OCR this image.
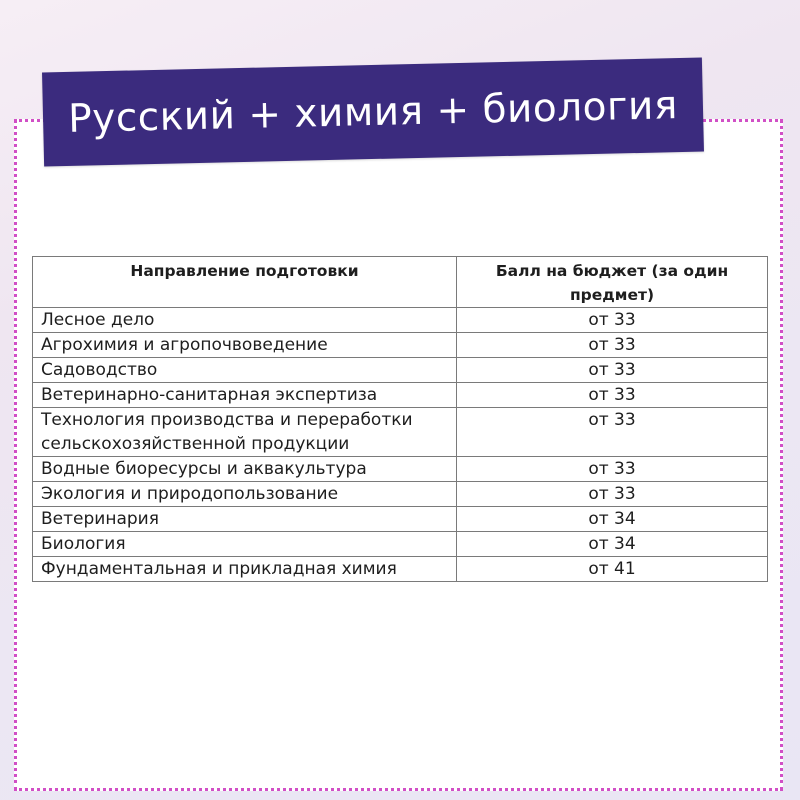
Русский + химия + биология
Направление подготовки	Балл на бюджет (за один предмет)
Лесное дело	от 33
Агрохимия и агропочвоведение	от 33
Садоводство	от 33
Ветеринарно-санитарная экспертиза	от 33
Технология производства и переработки сельскохозяйственной продукции	от 33
Водные биоресурсы и аквакультура	от 33
Экология и природопользование	от 33
Ветеринария	от 34
Биология	от 34
Фундаментальная и прикладная химия	от 41
